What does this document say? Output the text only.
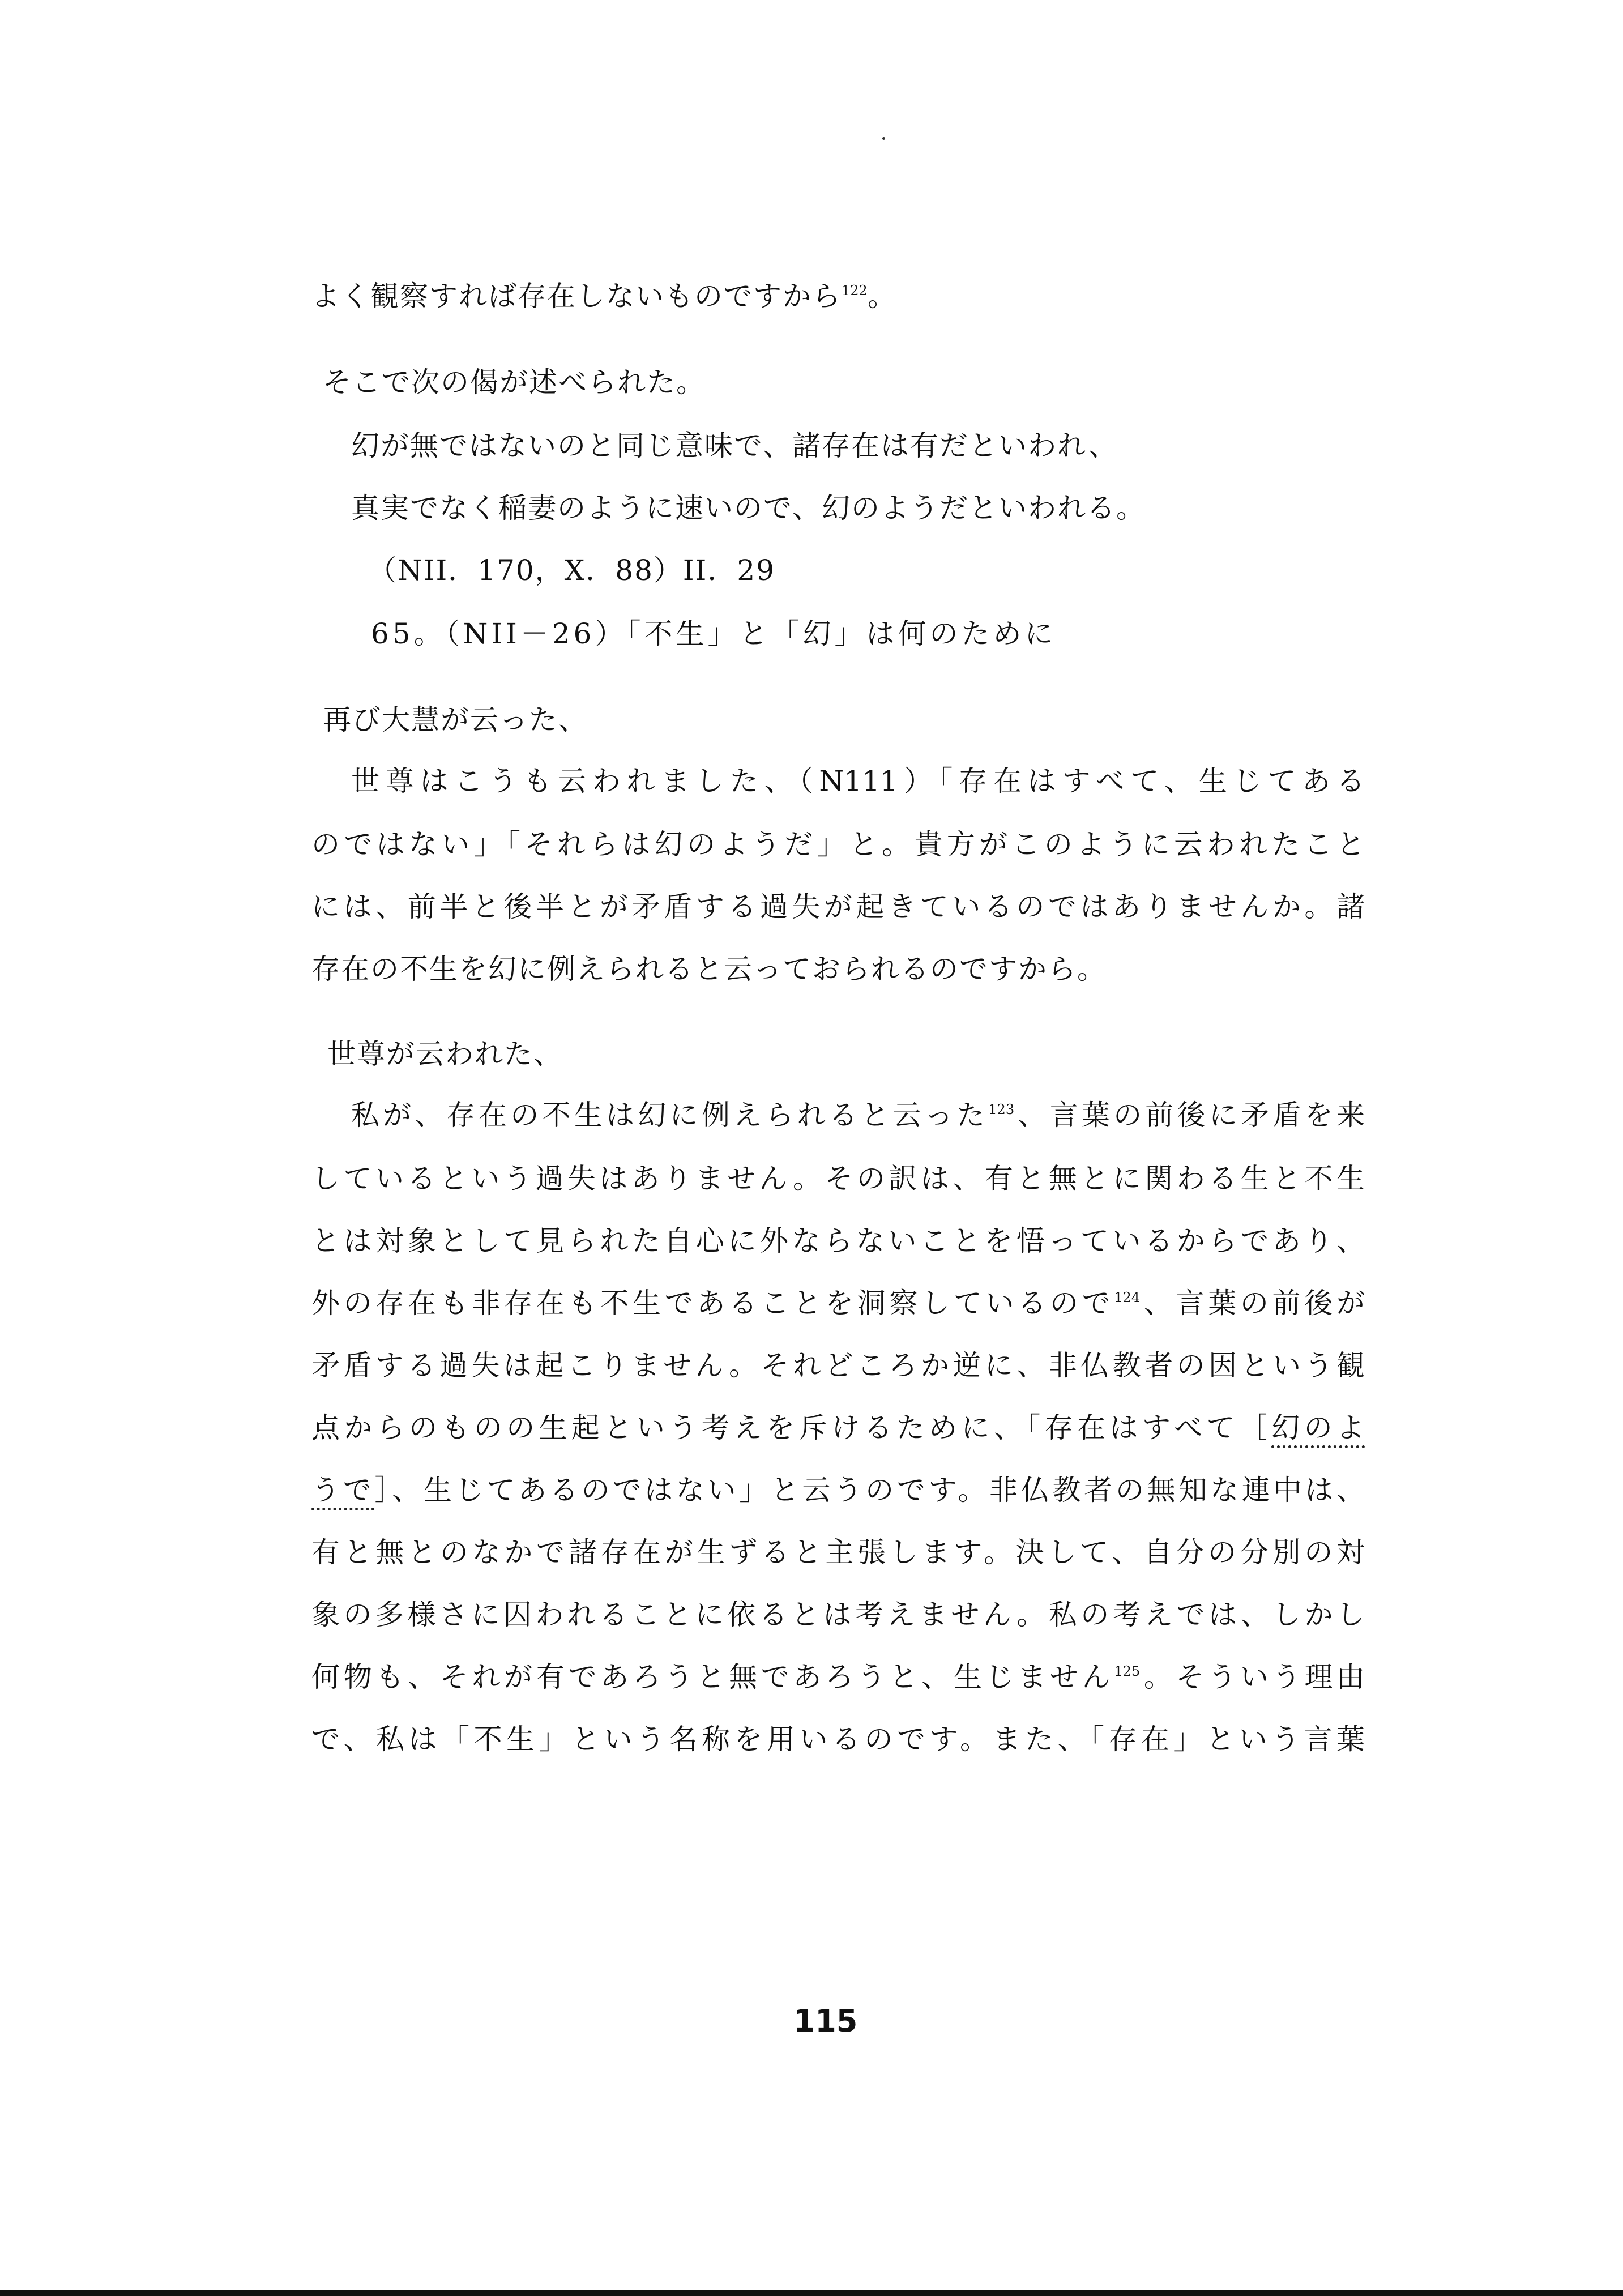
よく観察すれば存在しないものですから$^{122}$。
そこで次の偈が述べられた。
幻が無ではないのと同じ意味で、諸存在は有だといわれ、
真実でなく稲妻のように速いので、幻のようだといわれる。
（NII．170，X．88）II．29
65。（NII－26）「不生」と「幻」は何のために
再び大慧が云った、
世尊はこうも云われました、（N111）「存在はすべて、生じてある
のではない」「それらは幻のようだ」と。貴方がこのように云われたこと
には、前半と後半とが矛盾する過失が起きているのではありませんか。諸
存在の不生を幻に例えられると云っておられるのですから。
世尊が云われた、
私が、存在の不生は幻に例えられると云った$^{123}$、言葉の前後に矛盾を来
しているという過失はありません。その訳は、有と無とに関わる生と不生
とは対象として見られた自心に外ならないことを悟っているからであり、
外の存在も非存在も不生であることを洞察しているので$^{124}$、言葉の前後が
矛盾する過失は起こりません。それどころか逆に、非仏教者の因という観
点からのものの生起という考えを斥けるために、「存在はすべて［幻のよ
うで］、生じてあるのではない」と云うのです。非仏教者の無知な連中は、
有と無とのなかで諸存在が生ずると主張します。決して、自分の分別の対
象の多様さに囚われることに依るとは考えません。私の考えでは、しかし
何物も、それが有であろうと無であろうと、生じません$^{125}$。そういう理由
で、私は「不生」という名称を用いるのです。また、「存在」という言葉
115
